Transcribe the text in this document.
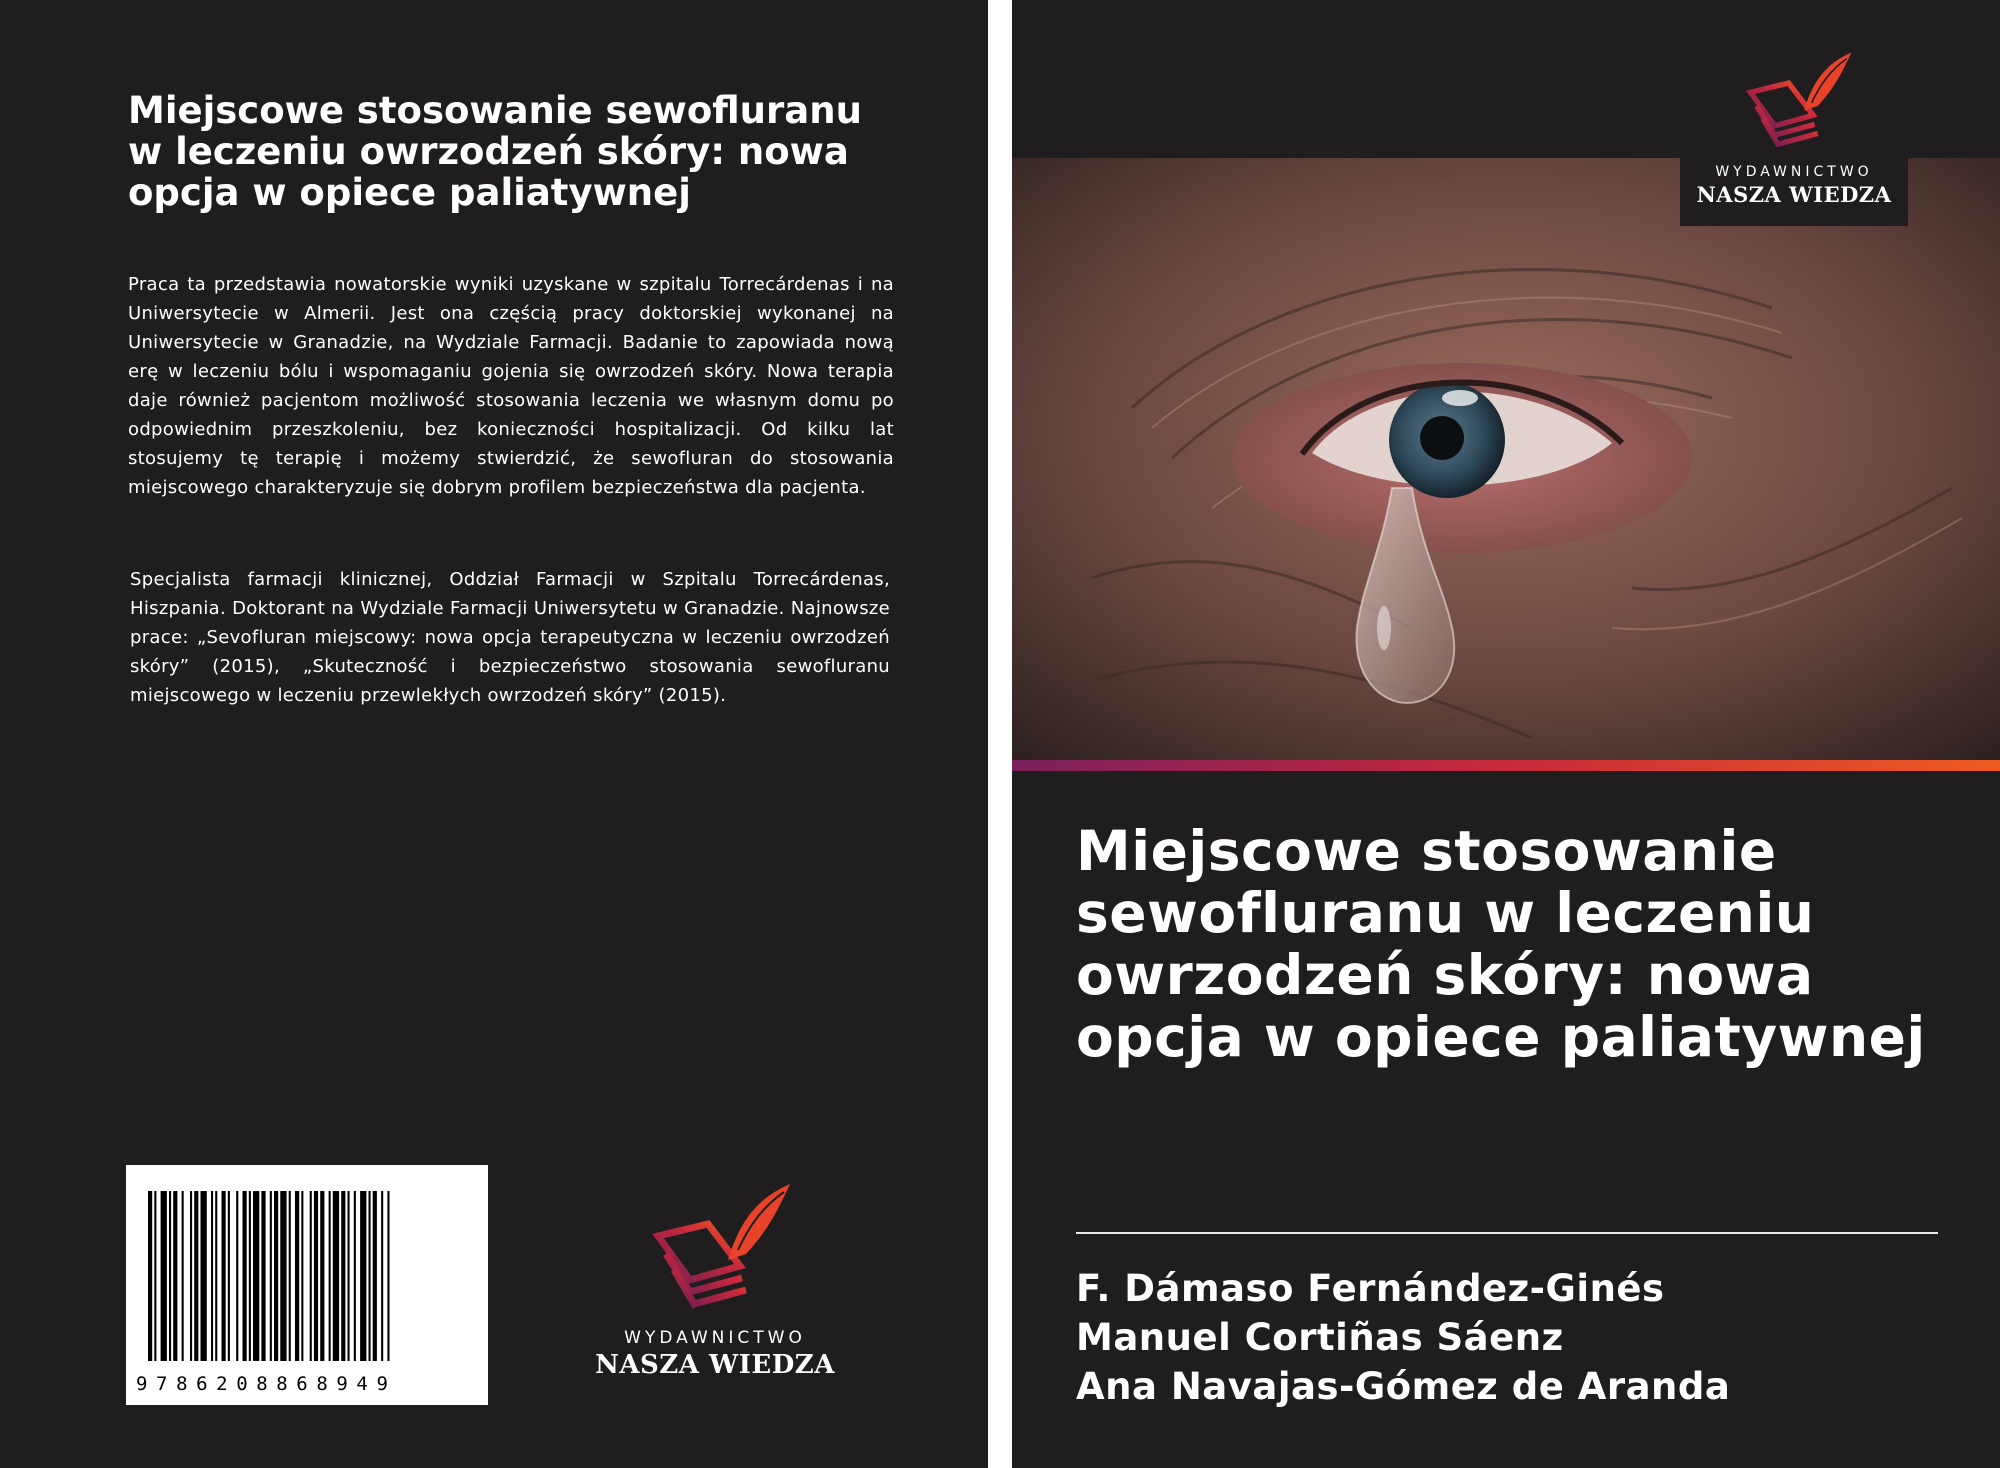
Miejscowe stosowanie sewofluranu w leczeniu owrzodzeń skóry: nowa opcja w opiece paliatywnej

Praca ta przedstawia nowatorskie wyniki uzyskane w szpitalu Torrecárdenas i na Uniwersytecie w Almerii. Jest ona częścią pracy doktorskiej wykonanej na Uniwersytecie w Granadzie, na Wydziale Farmacji. Badanie to zapowiada nową erę w leczeniu bólu i wspomaganiu gojenia się owrzodzeń skóry. Nowa terapia daje również pacjentom możliwość stosowania leczenia we własnym domu po odpowiednim przeszkoleniu, bez konieczności hospitalizacji. Od kilku lat stosujemy tę terapię i możemy stwierdzić, że sewofluran do stosowania miejscowego charakteryzuje się dobrym profilem bezpieczeństwa dla pacjenta.

Specjalista farmacji klinicznej, Oddział Farmacji w Szpitalu Torrecárdenas, Hiszpania. Doktorant na Wydziale Farmacji Uniwersytetu w Granadzie. Najnowsze prace: „Sevofluran miejscowy: nowa opcja terapeutyczna w leczeniu owrzodzeń skóry” (2015), „Skuteczność i bezpieczeństwo stosowania sewofluranu miejscowego w leczeniu przewlekłych owrzodzeń skóry” (2015).

9786208868949
WYDAWNICTWO
NASZA WIEDZA
WYDAWNICTWO
NASZA WIEDZA
Miejscowe stosowanie sewofluranu w leczeniu owrzodzeń skóry: nowa opcja w opiece paliatywnej
F. Dámaso Fernández-Ginés
Manuel Cortiñas Sáenz
Ana Navajas-Gómez de Aranda
